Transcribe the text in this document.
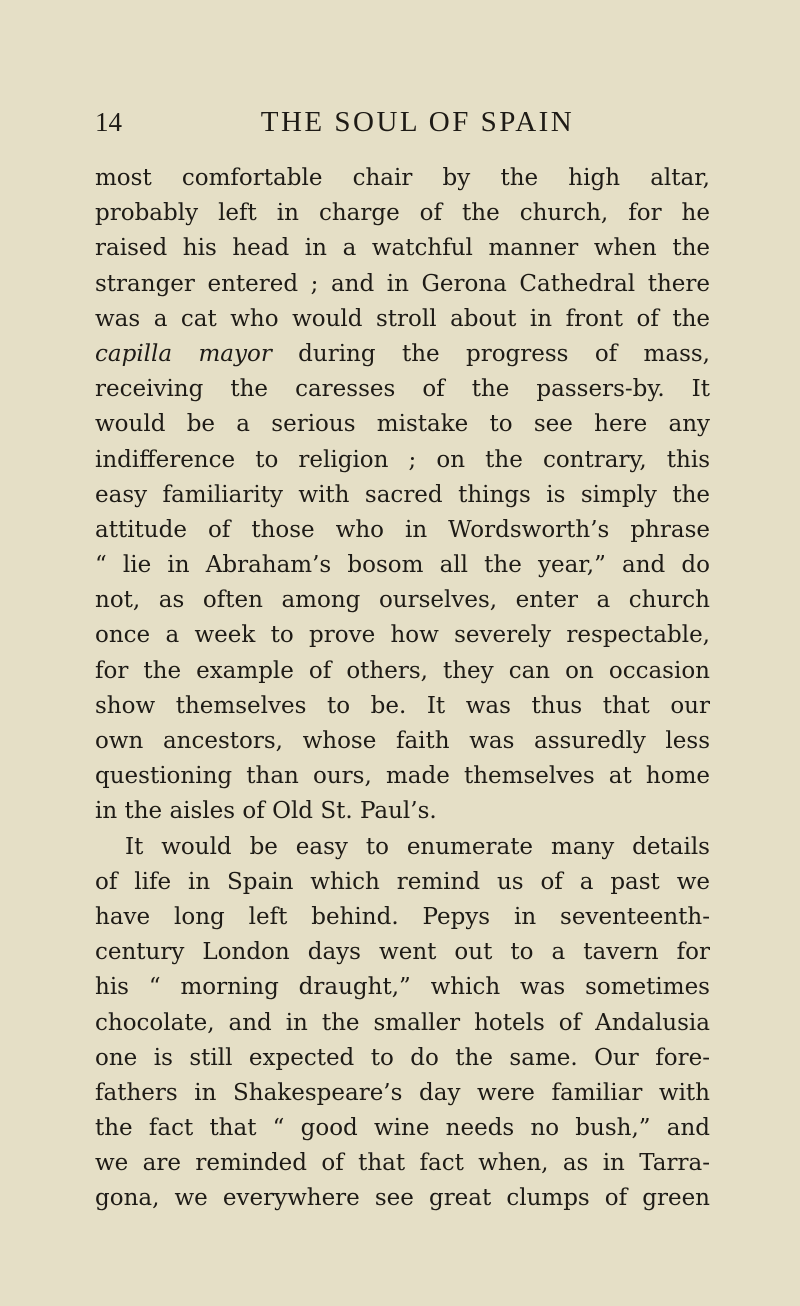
14	THE SOUL OF SPAIN
most comfortable chair by the high altar,
probably left in charge of the church, for he
raised his head in a watchful manner when the
stranger entered ; and in Gerona Cathedral there
was a cat who would stroll about in front of the
capilla mayor during the progress of mass,
receiving the caresses of the passers-by. It
would be a serious mistake to see here any
indifference to religion ; on the contrary, this
easy familiarity with sacred things is simply the
attitude of those who in Wordsworth’s phrase
“ lie in Abraham’s bosom all the year,” and do
not, as often among ourselves, enter a church
once a week to prove how severely respectable,
for the example of others, they can on occasion
show themselves to be. It was thus that our
own ancestors, whose faith was assuredly less
questioning than ours, made themselves at home
in the aisles of Old St. Paul’s.
It would be easy to enumerate many details
of life in Spain which remind us of a past we
have long left behind. Pepys in seventeenth-
century London days went out to a tavern for
his “ morning draught,” which was sometimes
chocolate, and in the smaller hotels of Andalusia
one is still expected to do the same. Our fore-
fathers in Shakespeare’s day were familiar with
the fact that “ good wine needs no bush,” and
we are reminded of that fact when, as in Tarra-
gona, we everywhere see great clumps of green
